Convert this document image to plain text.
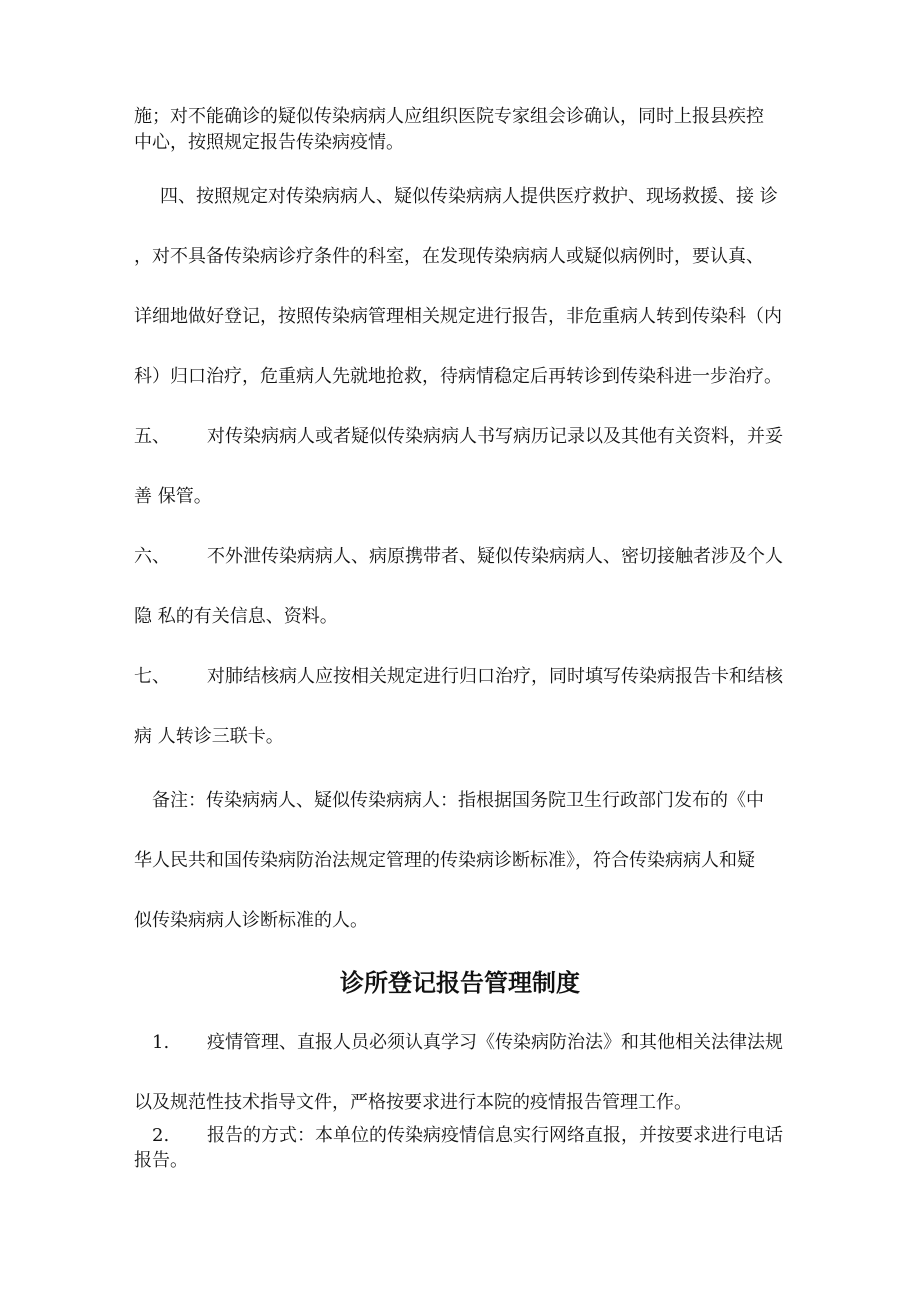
施；对不能确诊的疑似传染病病人应组织医院专家组会诊确认，同时上报县疾控
中心，按照规定报告传染病疫情。
四、按照规定对传染病病人、疑似传染病病人提供医疗救护、现场救援、接 诊
，对不具备传染病诊疗条件的科室，在发现传染病病人或疑似病例时，要认真、
详细地做好登记，按照传染病管理相关规定进行报告，非危重病人转到传染科（内
科）归口治疗，危重病人先就地抢救，待病情稳定后再转诊到传染科进一步治疗。
五、 对传染病病人或者疑似传染病病人书写病历记录以及其他有关资料，并妥
善 保管。
六、 不外泄传染病病人、病原携带者、疑似传染病病人、密切接触者涉及个人
隐 私的有关信息、资料。
七、 对肺结核病人应按相关规定进行归口治疗，同时填写传染病报告卡和结核
病 人转诊三联卡。
备注：传染病病人、疑似传染病病人：指根据国务院卫生行政部门发布的《中
华人民共和国传染病防治法规定管理的传染病诊断标准》，符合传染病病人和疑
似传染病病人诊断标准的人。
诊所登记报告管理制度
1. 疫情管理、直报人员必须认真学习《传染病防治法》和其他相关法律法规
以及规范性技术指导文件，严格按要求进行本院的疫情报告管理工作。
2. 报告的方式：本单位的传染病疫情信息实行网络直报，并按要求进行电话
报告。
